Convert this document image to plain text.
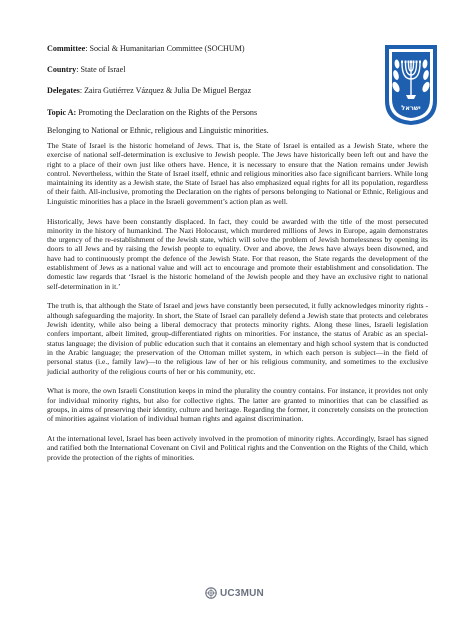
Committee: Social & Humanitarian Committee (SOCHUM)

Country: State of Israel

Delegates: Zaira Gutiérrez Vázquez & Julia De Miguel Bergaz

Topic A: Promoting the Declaration on the Rights of the Persons

Belonging to National or Ethnic, religious and Linguistic minorities.

ישראל

The State of Israel is the historic homeland of Jews. That is, the State of Israel is entailed as a Jewish State, where the exercise of national self-determination is exclusive to Jewish people. The Jews have historically been left out and have the right to a place of their own just like others have. Hence, it is necessary to ensure that the Nation remains under Jewish control. Nevertheless, within the State of Israel itself, ethnic and religious minorities also face significant barriers. While long maintaining its identity as a Jewish state, the State of Israel has also emphasized equal rights for all its population, regardless of their faith. All-inclusive, promoting the Declaration on the rights of persons belonging to National or Ethnic, Religious and Linguistic minorities has a place in the Israeli government’s action plan as well.

Historically, Jews have been constantly displaced. In fact, they could be awarded with the title of the most persecuted minority in the history of humankind. The Nazi Holocaust, which murdered millions of Jews in Europe, again demonstrates the urgency of the re-establishment of the Jewish state, which will solve the problem of Jewish homelessness by opening its doors to all Jews and by raising the Jewish people to equality. Over and above, the Jews have always been disowned, and have had to continuously prompt the defence of the Jewish State. For that reason, the State regards the development of the establishment of Jews as a national value and will act to encourage and promote their establishment and consolidation. The domestic law regards that ‘Israel is the historic homeland of the Jewish people and they have an exclusive right to national self-determination in it.’

The truth is, that although the State of Israel and jews have constantly been persecuted, it fully acknowledges minority rights - although safeguarding the majority. In short, the State of Israel can parallely defend a Jewish state that protects and celebrates Jewish identity, while also being a liberal democracy that protects minority rights. Along these lines, Israeli legislation confers important, albeit limited, group-differentiated rights on minorities. For instance, the status of Arabic as an special-status language; the division of public education such that it contains an elementary and high school system that is conducted in the Arabic language; the preservation of the Ottoman millet system, in which each person is subject—in the field of personal status (i.e., family law)—to the religious law of her or his religious community, and sometimes to the exclusive judicial authority of the religious courts of her or his community, etc.

What is more, the own Israeli Constitution keeps in mind the plurality the country contains. For instance, it provides not only for individual minority rights, but also for collective rights. The latter are granted to minorities that can be classified as groups, in aims of preserving their identity, culture and heritage. Regarding the former, it concretely consists on the protection of minorities against violation of individual human rights and against discrimination.

At the international level, Israel has been actively involved in the promotion of minority rights. Accordingly, Israel has signed and ratified both the International Covenant on Civil and Political rights and the Convention on the Rights of the Child, which provide the protection of the rights of minorities.

UC3MUN
